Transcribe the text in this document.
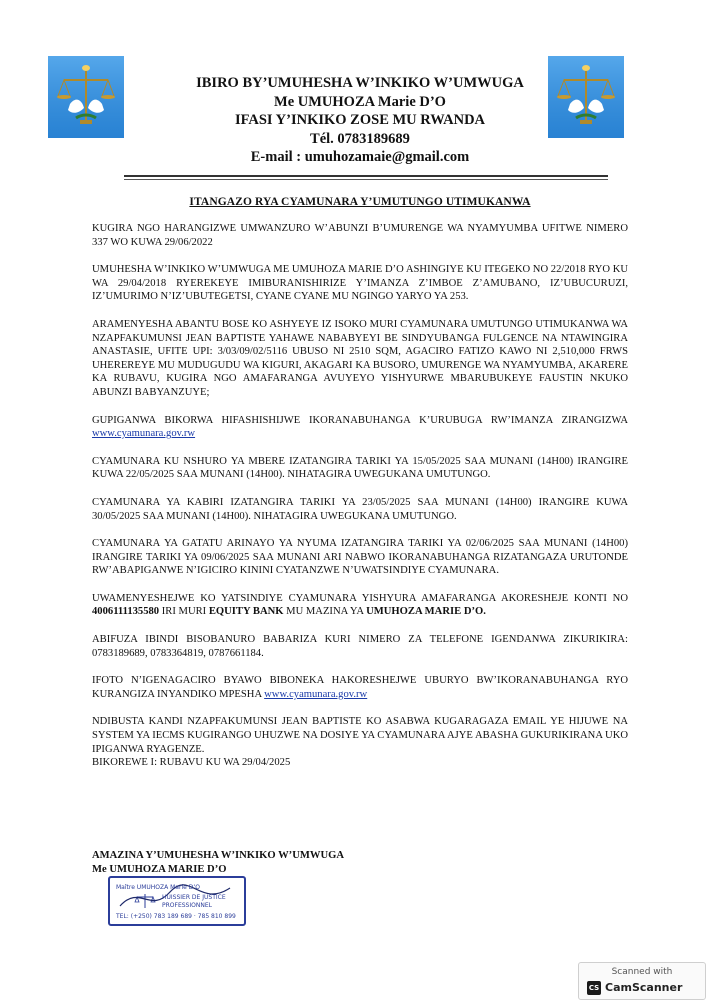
IBIRO BY’UMUHESHA W’INKIKO W’UMWUGA
Me UMUHOZA Marie D’O
IFASI Y’INKIKO ZOSE MU RWANDA
Tél. 0783189689
E-mail : umuhozamaie@gmail.com
ITANGAZO RYA CYAMUNARA Y’UMUTUNGO UTIMUKANWA

KUGIRA NGO HARANGIZWE UMWANZURO W’ABUNZI B’UMURENGE WA NYAMYUMBA UFITWE NIMERO 337 WO KUWA 29/06/2022

UMUHESHA W’INKIKO W’UMWUGA ME UMUHOZA MARIE D’O ASHINGIYE KU ITEGEKO NO 22/2018 RYO KU WA 29/04/2018 RYEREKEYE IMIBURANISHIRIZE Y’IMANZA Z’IMBOE Z’AMUBANO, IZ’UBUCURUZI, IZ’UMURIMO N’IZ’UBUTEGETSI, CYANE CYANE MU NGINGO YARYO YA 253.

ARAMENYESHA ABANTU BOSE KO ASHYEYE IZ ISOKO MURI CYAMUNARA UMUTUNGO UTIMUKANWA WA NZAPFAKUMUNSI JEAN BAPTISTE YAHAWE NABABYEYI BE SINDYUBANGA FULGENCE NA NTAWINGIRA ANASTASIE, UFITE UPI: 3/03/09/02/5116 UBUSO NI 2510 SQM, AGACIRO FATIZO KAWO NI 2,510,000 FRWS UHEREREYE MU MUDUGUDU WA KIGURI, AKAGARI KA BUSORO, UMURENGE WA NYAMYUMBA, AKARERE KA RUBAVU, KUGIRA NGO AMAFARANGA AVUYEYO YISHYURWE MBARUBUKEYE FAUSTIN NKUKO ABUNZI BABYANZUYE;

GUPIGANWA BIKORWA HIFASHISHIJWE IKORANABUHANGA K’URUBUGA RW’IMANZA ZIRANGIZWA www.cyamunara.gov.rw

CYAMUNARA KU NSHURO YA MBERE IZATANGIRA TARIKI YA 15/05/2025 SAA MUNANI (14H00) IRANGIRE KUWA 22/05/2025 SAA MUNANI (14H00). NIHATAGIRA UWEGUKANA UMUTUNGO.

CYAMUNARA YA KABIRI IZATANGIRA TARIKI YA 23/05/2025 SAA MUNANI (14H00) IRANGIRE KUWA 30/05/2025 SAA MUNANI (14H00). NIHATAGIRA UWEGUKANA UMUTUNGO.

CYAMUNARA YA GATATU ARINAYO YA NYUMA IZATANGIRA TARIKI YA 02/06/2025 SAA MUNANI (14H00) IRANGIRE TARIKI YA 09/06/2025 SAA MUNANI ARI NABWO IKORANABUHANGA RIZATANGAZA URUTONDE RW’ABAPIGANWE N’IGICIRO KININI CYATANZWE N’UWATSINDIYE CYAMUNARA.

UWAMENYESHEJWE KO YATSINDIYE CYAMUNARA YISHYURA AMAFARANGA AKORESHEJE KONTI NO 4006111135580 IRI MURI EQUITY BANK MU MAZINA YA UMUHOZA MARIE D’O.

ABIFUZA IBINDI BISOBANURO BABARIZA KURI NIMERO ZA TELEFONE IGENDANWA ZIKURIKIRA: 0783189689, 0783364819, 0787661184.

IFOTO N’IGENAGACIRO BYAWO BIBONEKA HAKORESHEJWE UBURYO BW’IKORANABUHANGA RYO KURANGIZA INYANDIKO MPESHA www.cyamunara.gov.rw

NDIBUSTA KANDI NZAPFAKUMUNSI JEAN BAPTISTE KO ASABWA KUGARAGAZA EMAIL YE HIJUWE NA SYSTEM YA IECMS KUGIRANGO UHUZWE NA DOSIYE YA CYAMUNARA AJYE ABASHA GUKURIKIRANA UKO IPIGANWA RYAGENZE.

BIKOREWE I: RUBAVU KU WA 29/04/2025

AMAZINA Y’UMUHESHA W’INKIKO W’UMWUGA
Me UMUHOZA MARIE D’O
Maître UMUHOZA Marie D’O
HUISSIER DE JUSTICE
PROFESSIONNEL
TEL: (+250) 783 189 689 · 785 810 899
Scanned with
CS CamScanner
